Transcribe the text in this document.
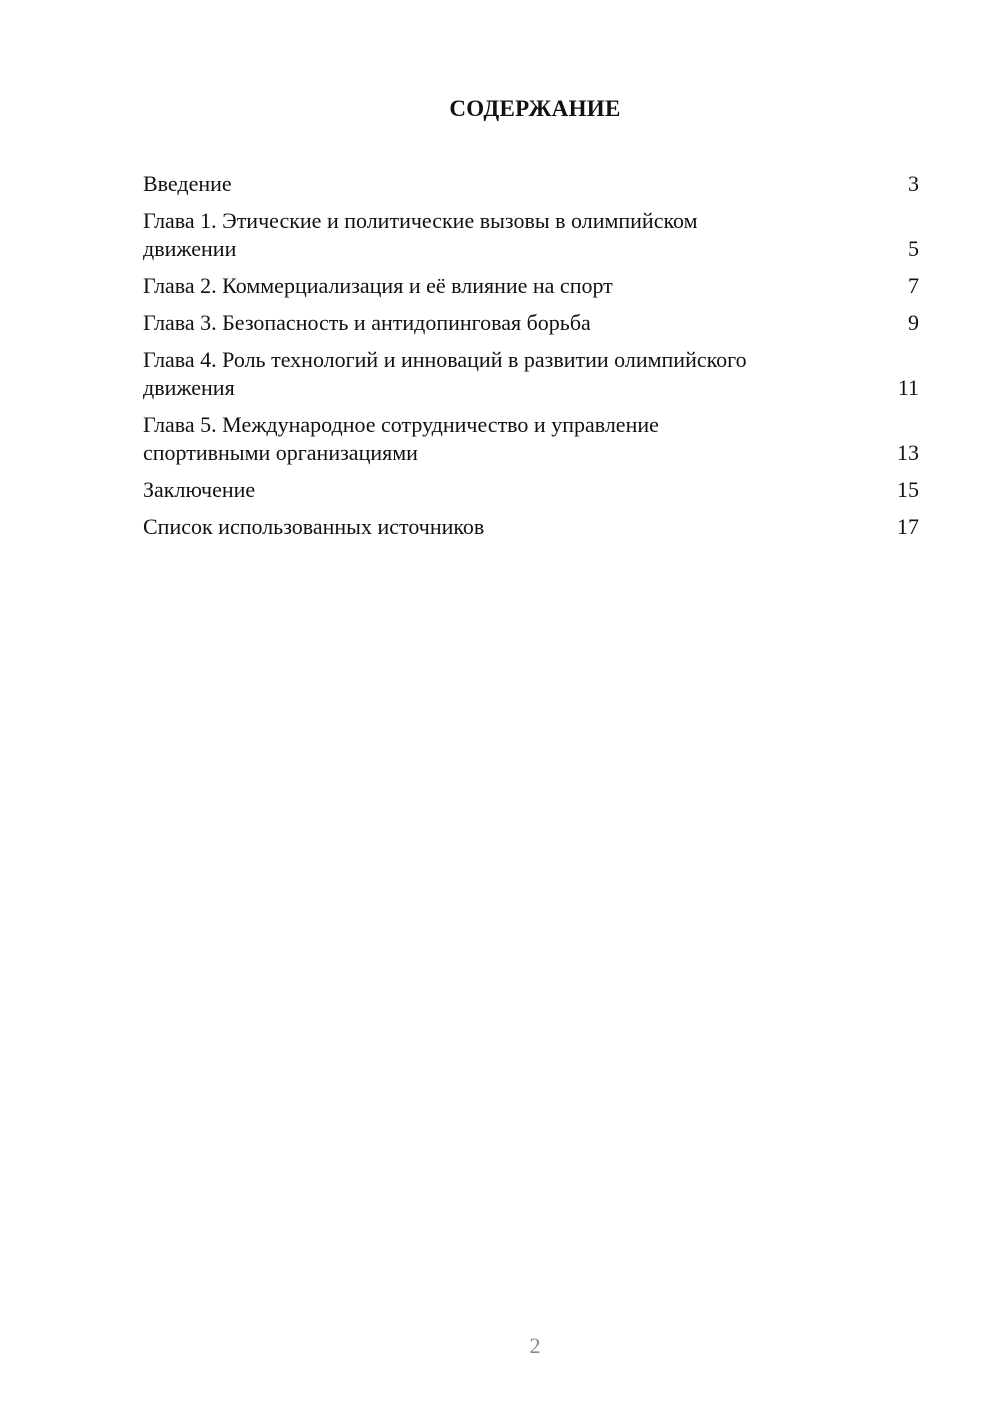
СОДЕРЖАНИЕ
Введение	3
Глава 1. Этические и политические вызовы в олимпийском движении	5
Глава 2. Коммерциализация и её влияние на спорт	7
Глава 3. Безопасность и антидопинговая борьба	9
Глава 4. Роль технологий и инноваций в развитии олимпийского движения	11
Глава 5. Международное сотрудничество и управление спортивными организациями	13
Заключение	15
Список использованных источников	17
2
